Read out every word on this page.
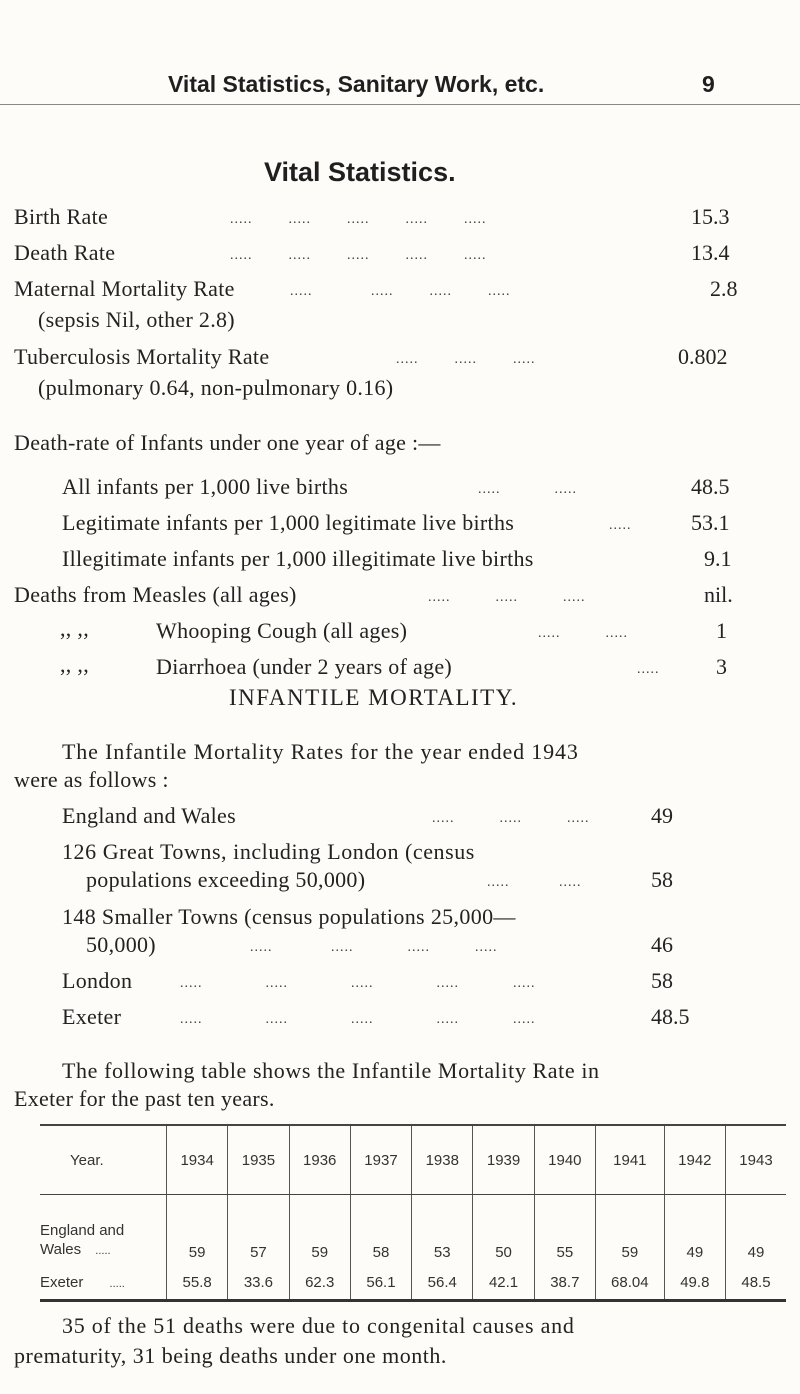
Vital Statistics, Sanitary Work, etc.	9
Vital Statistics.
Birth Rate	.....        .....        .....        .....        .....	15.3
Death Rate	.....        .....        .....        .....        .....	13.4
Maternal Mortality Rate	.....             .....        .....        .....	2.8
(sepsis Nil, other 2.8)
Tuberculosis Mortality Rate	.....        .....        .....	0.802
(pulmonary 0.64, non-pulmonary 0.16)
Death-rate of Infants under one year of age :—
All infants per 1,000 live births	.....            .....	48.5
Legitimate infants per 1,000 legitimate live births	.....	53.1
Illegitimate infants per 1,000 illegitimate live births	9.1
Deaths from Measles (all ages)	.....          .....          .....	nil.
,, ,,	Whooping Cough (all ages)	.....          .....	1
,, ,,	Diarrhoea (under 2 years of age)	.....	3
INFANTILE MORTALITY.
The Infantile Mortality Rates for the year ended 1943
were as follows :
England and Wales	.....          .....          .....	49
126 Great Towns, including London (census
populations exceeding 50,000)	.....           .....	58
148 Smaller Towns (census populations 25,000—
50,000)	.....             .....            .....          .....	46
London	.....              .....              .....              .....            .....	58
Exeter	.....              .....              .....              .....            .....	48.5
The following table shows the Infantile Mortality Rate in
Exeter for the past ten years.
Year.	1934	1935	1936	1937	1938	1939	1940	1941	1942	1943
England and
Wales .....	59	57	59	58	53	50	55	59	49	49
Exeter .....	55.8	33.6	62.3	56.1	56.4	42.1	38.7	68.04	49.8	48.5
35 of the 51 deaths were due to congenital causes and
prematurity, 31 being deaths under one month.
